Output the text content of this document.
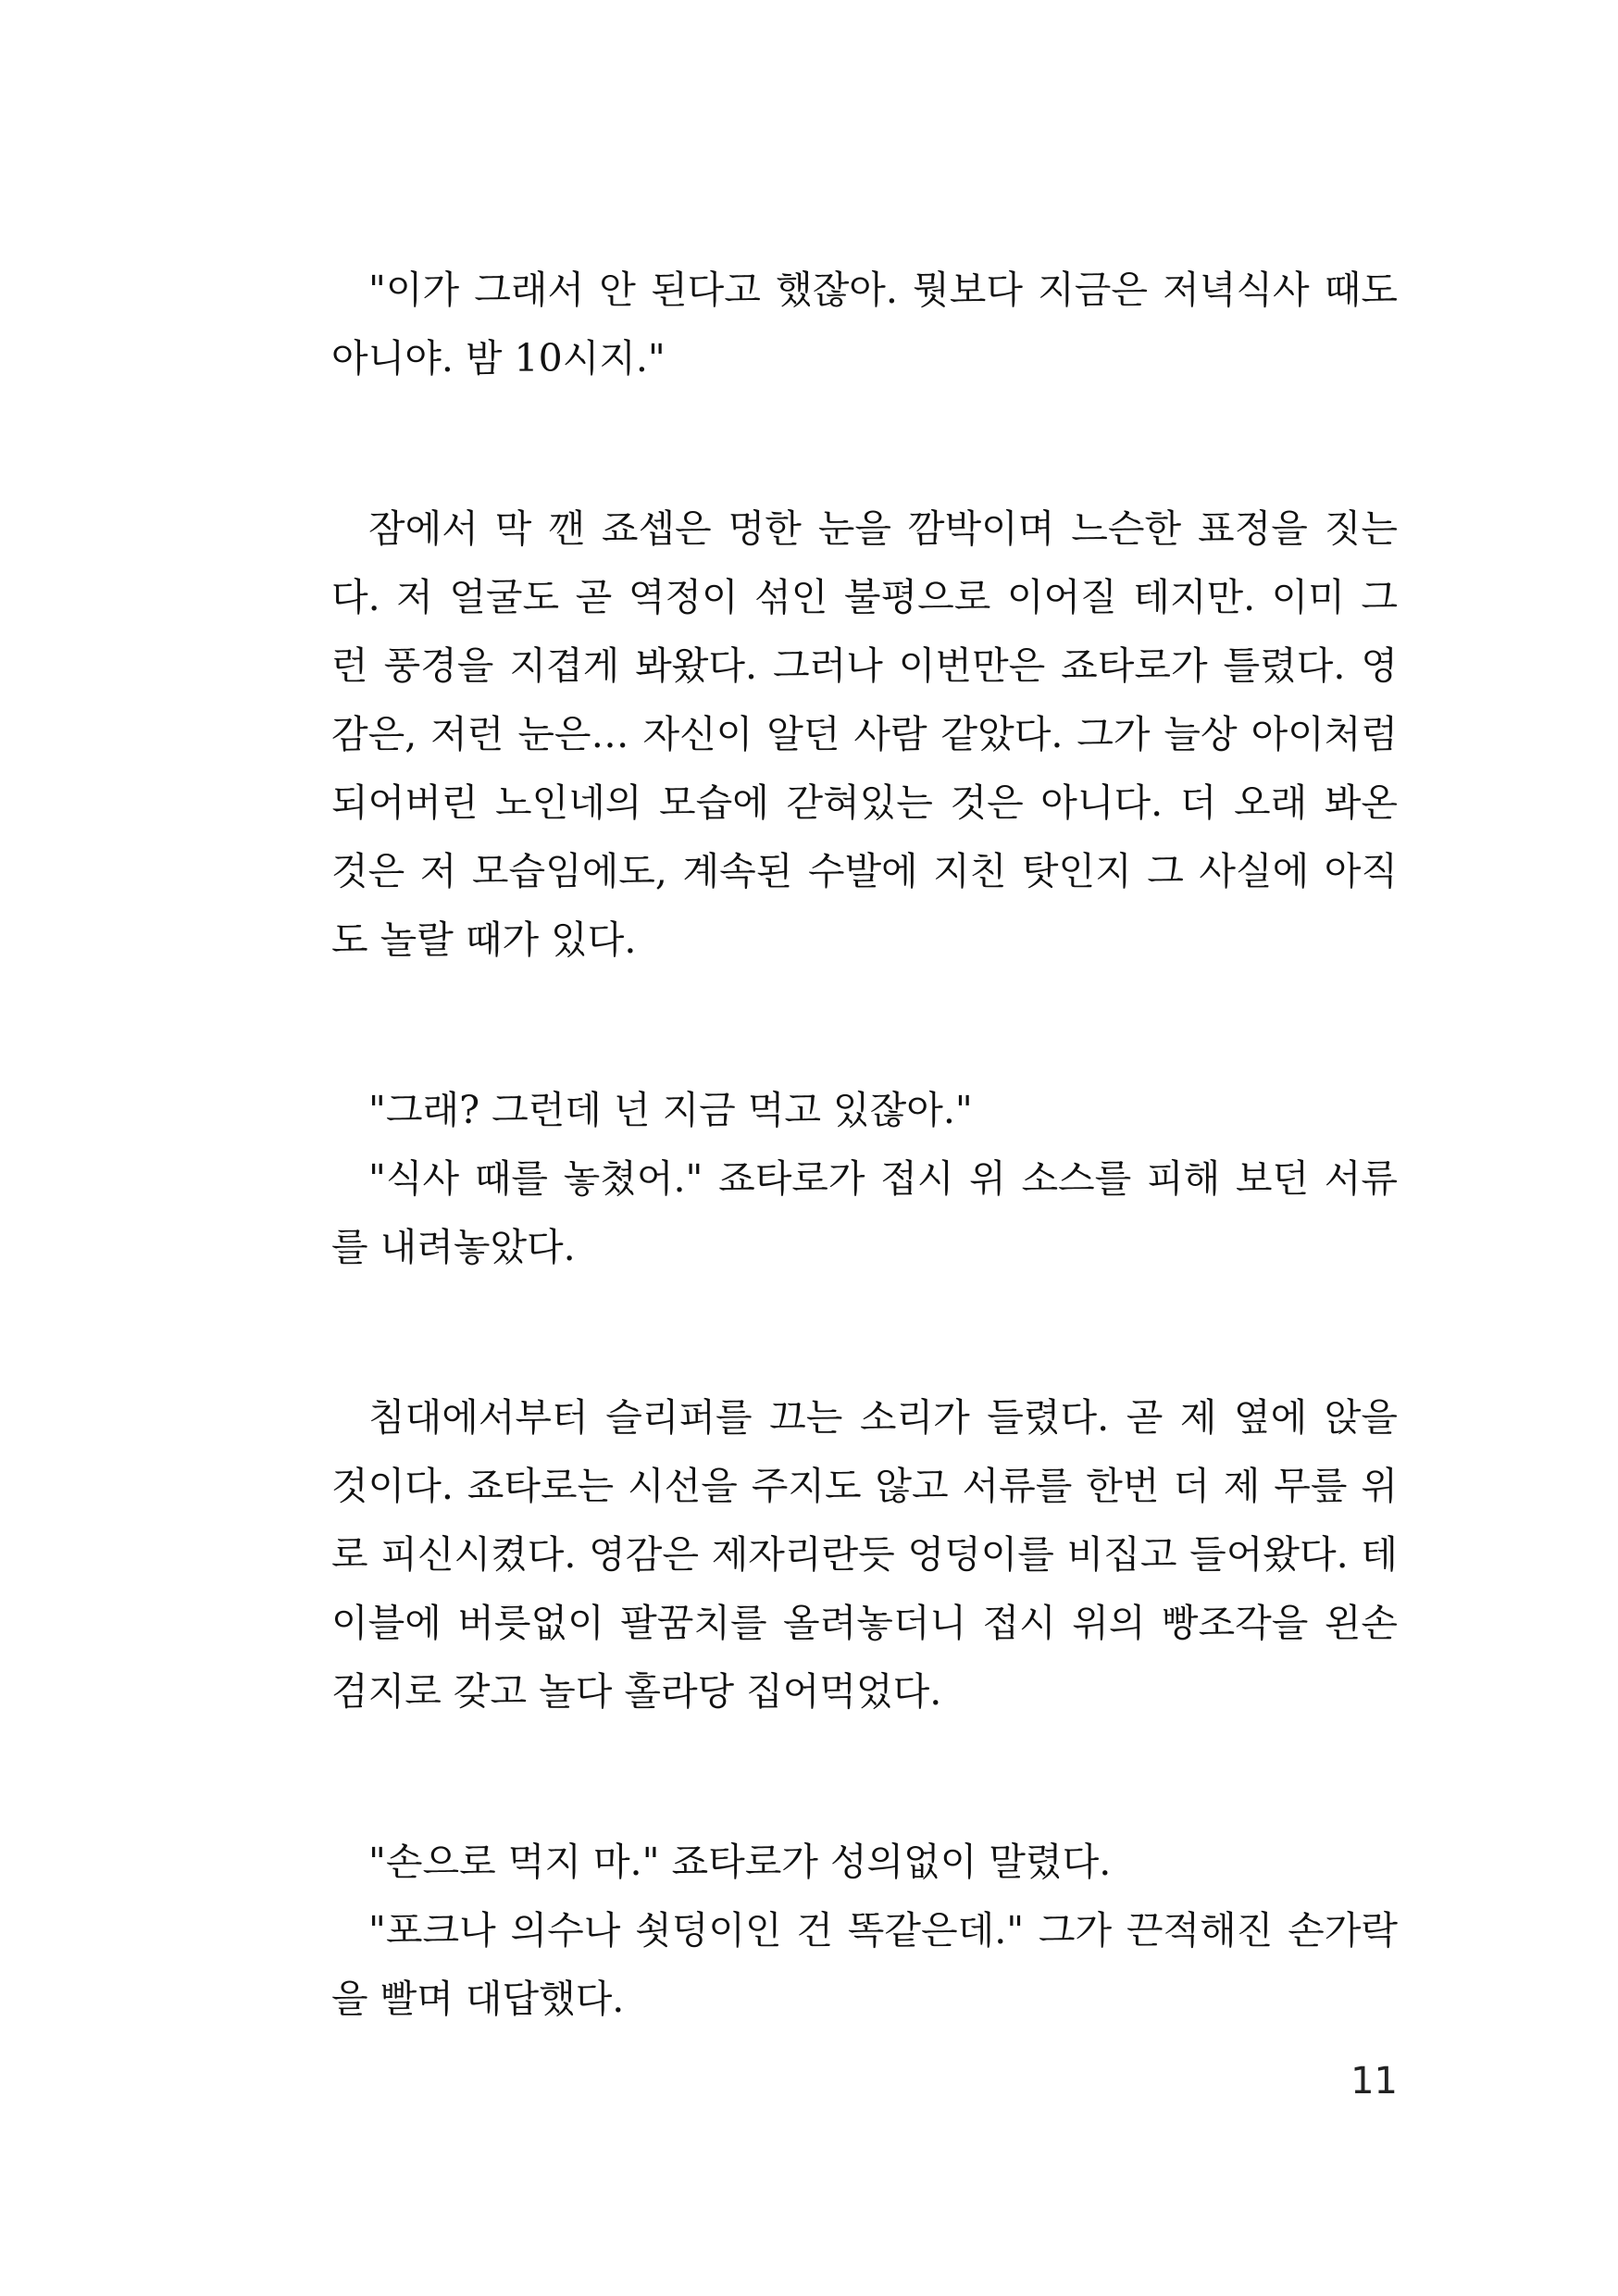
"이가 그래서 안 된다고 했잖아. 뭣보다 지금은 저녁식사 때도
아니야. 밤 10시지."
잠에서 막 깬 죠셉은 멍한 눈을 깜박이며 느슨한 표정을 짓는
다. 저 얼굴도 곧 역정이 섞인 불평으로 이어질 테지만. 이미 그
런 풍경을 지겹게 봐왔다. 그러나 이번만은 죠타로가 틀렸다. 영
감은, 저런 눈은… 자신이 알던 사람 같았다. 그가 늘상 아이처럼
되어버린 노인네의 모습에 갇혀있는 것은 아니다. 더 오래 봐온
것은 저 모습임에도, 계속된 수발에 지친 탓인지 그 사실에 아직
도 놀랄 때가 있다.
"그래? 그런데 넌 지금 먹고 있잖아."
"식사 때를 놓쳤어." 죠타로가 접시 위 소스를 피해 보던 서류
를 내려놓았다.
침대에서부터 슬리퍼를 끄는 소리가 들렸다. 곧 제 옆에 앉을
것이다. 죠타로는 시선을 주지도 않고 서류를 한번 더 제 무릎 위
로 피신시켰다. 영감은 제자리란듯 엉덩이를 비집고 들어왔다. 테
이블에 버릇없이 팔꿈치를 올려놓더니 접시 위의 빵조각을 왼손
검지로 갖고 놀다 홀라당 집어먹었다.
"손으로 먹지 마." 죠타로가 성의없이 말렸다.
"포크나 의수나 쇳덩이인 건 똑같은데." 그가 끈적해진 손가락
을 빨며 대답했다.
11
